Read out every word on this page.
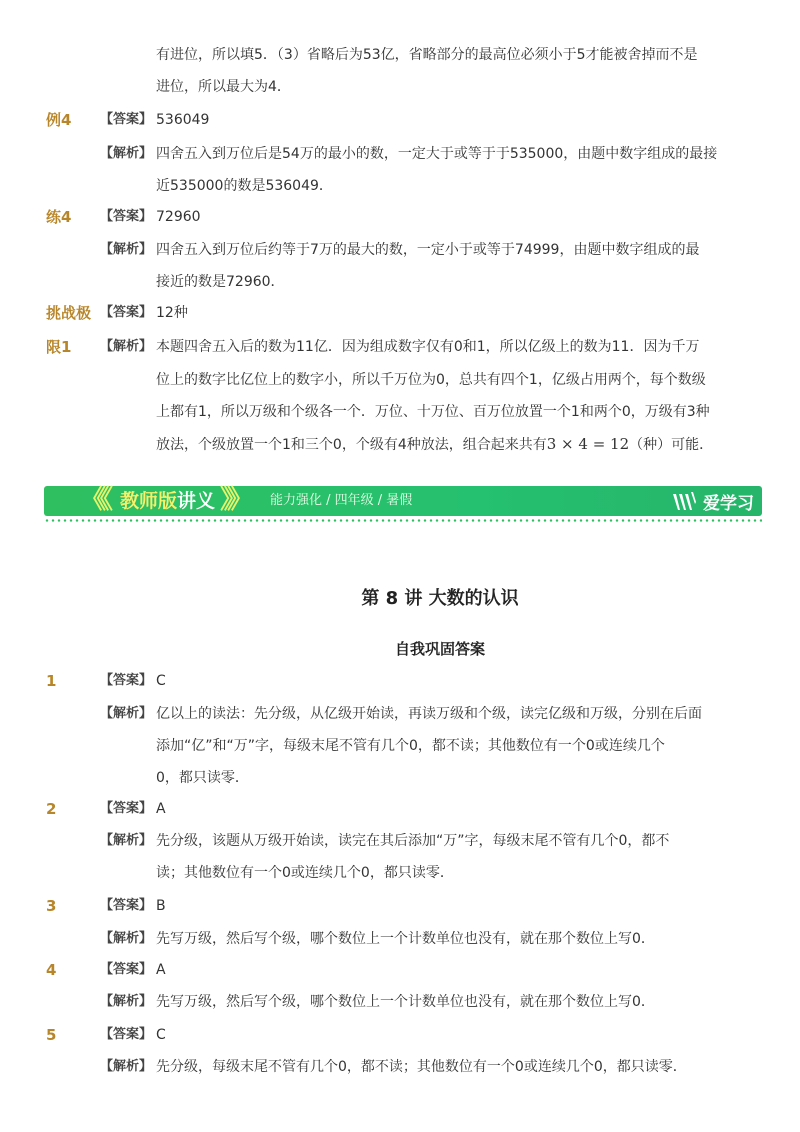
有进位，所以填5．（3）省略后为53亿，省略部分的最高位必须小于5才能被舍掉而不是
进位，所以最大为4．
例4 【答案】 536049
【解析】 四舍五入到万位后是54万的最小的数，一定大于或等于于535000，由题中数字组成的最接
近535000的数是536049．
练4 【答案】 72960
【解析】 四舍五入到万位后约等于7万的最大的数，一定小于或等于74999，由题中数字组成的最
接近的数是72960．
挑战极
限1
【答案】 12种
【解析】 本题四舍五入后的数为11亿．因为组成数字仅有0和1，所以亿级上的数为11．因为千万
位上的数字比亿位上的数字小，所以千万位为0，总共有四个1，亿级占用两个，每个数级
上都有1，所以万级和个级各一个．万位、十万位、百万位放置一个1和两个0，万级有3种
放法，个级放置一个1和三个0，个级有4种放法，组合起来共有3 × 4 = 12（种）可能．
《《 教师版讲义 》》 能力强化 / 四年级 / 暑假	爱学习
第 8 讲 大数的认识
自我巩固答案
1	【答案】 C
【解析】 亿以上的读法：先分级，从亿级开始读，再读万级和个级，读完亿级和万级，分别在后面
添加“亿”和“万”字，每级末尾不管有几个0，都不读；其他数位有一个0或连续几个
0，都只读零．
2	【答案】 A
【解析】 先分级，该题从万级开始读，读完在其后添加“万”字，每级末尾不管有几个0，都不
读；其他数位有一个0或连续几个0，都只读零．
3	【答案】 B
【解析】 先写万级，然后写个级，哪个数位上一个计数单位也没有，就在那个数位上写0．
4	【答案】 A
【解析】 先写万级，然后写个级，哪个数位上一个计数单位也没有，就在那个数位上写0．
5	【答案】 C
【解析】 先分级，每级末尾不管有几个0，都不读；其他数位有一个0或连续几个0，都只读零．
